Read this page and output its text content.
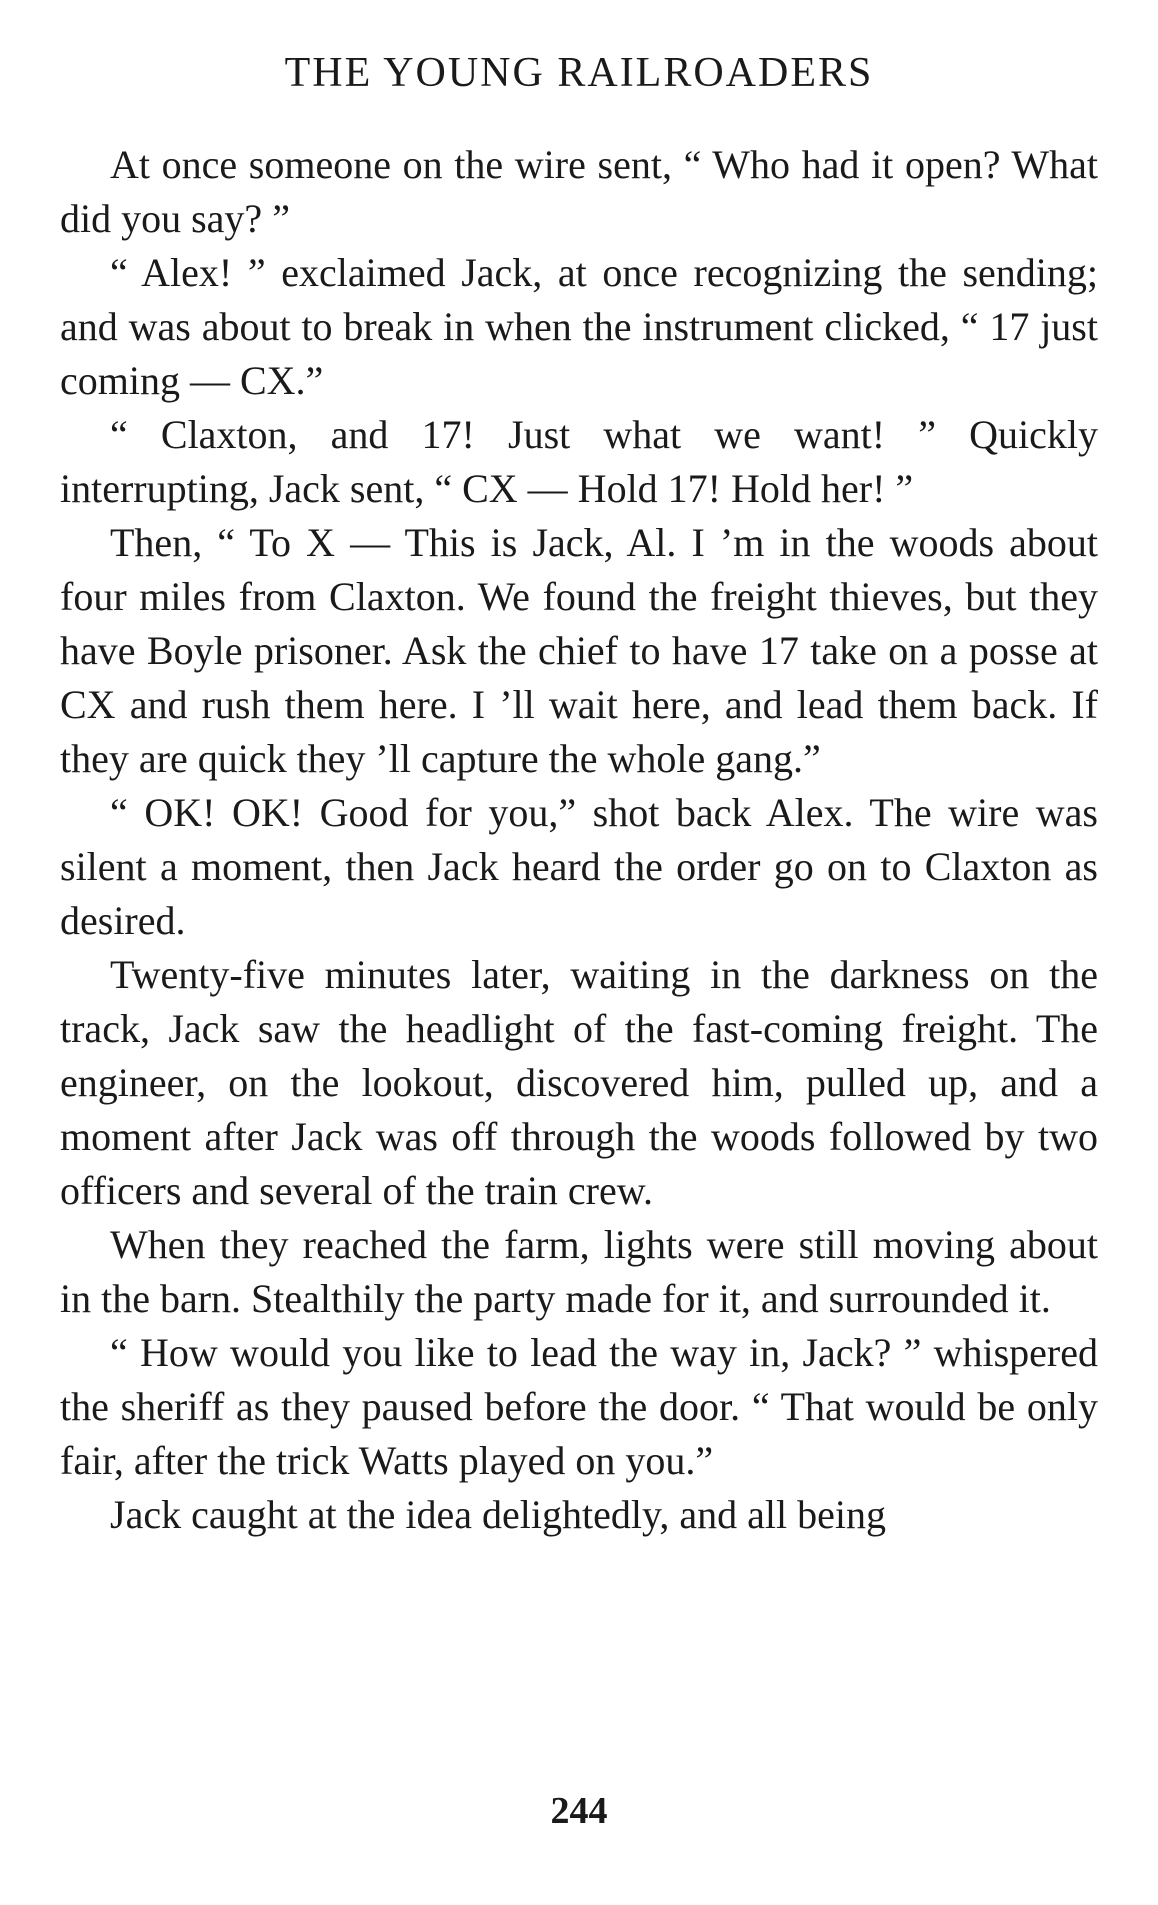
THE YOUNG RAILROADERS

At once someone on the wire sent, “ Who had it open? What did you say? ”

“ Alex! ” exclaimed Jack, at once recognizing the sending; and was about to break in when the instrument clicked, “ 17 just coming — CX.”

“ Claxton, and 17! Just what we want! ” Quickly interrupting, Jack sent, “ CX — Hold 17! Hold her! ”

Then, “ To X — This is Jack, Al. I ’m in the woods about four miles from Claxton. We found the freight thieves, but they have Boyle prisoner. Ask the chief to have 17 take on a posse at CX and rush them here. I ’ll wait here, and lead them back. If they are quick they ’ll capture the whole gang.”

“ OK! OK! Good for you,” shot back Alex. The wire was silent a moment, then Jack heard the order go on to Claxton as desired.

Twenty-five minutes later, waiting in the darkness on the track, Jack saw the headlight of the fast-coming freight. The engineer, on the lookout, discovered him, pulled up, and a moment after Jack was off through the woods followed by two officers and several of the train crew.

When they reached the farm, lights were still moving about in the barn. Stealthily the party made for it, and surrounded it.

“ How would you like to lead the way in, Jack? ” whispered the sheriff as they paused before the door. “ That would be only fair, after the trick Watts played on you.”

Jack caught at the idea delightedly, and all being

244
